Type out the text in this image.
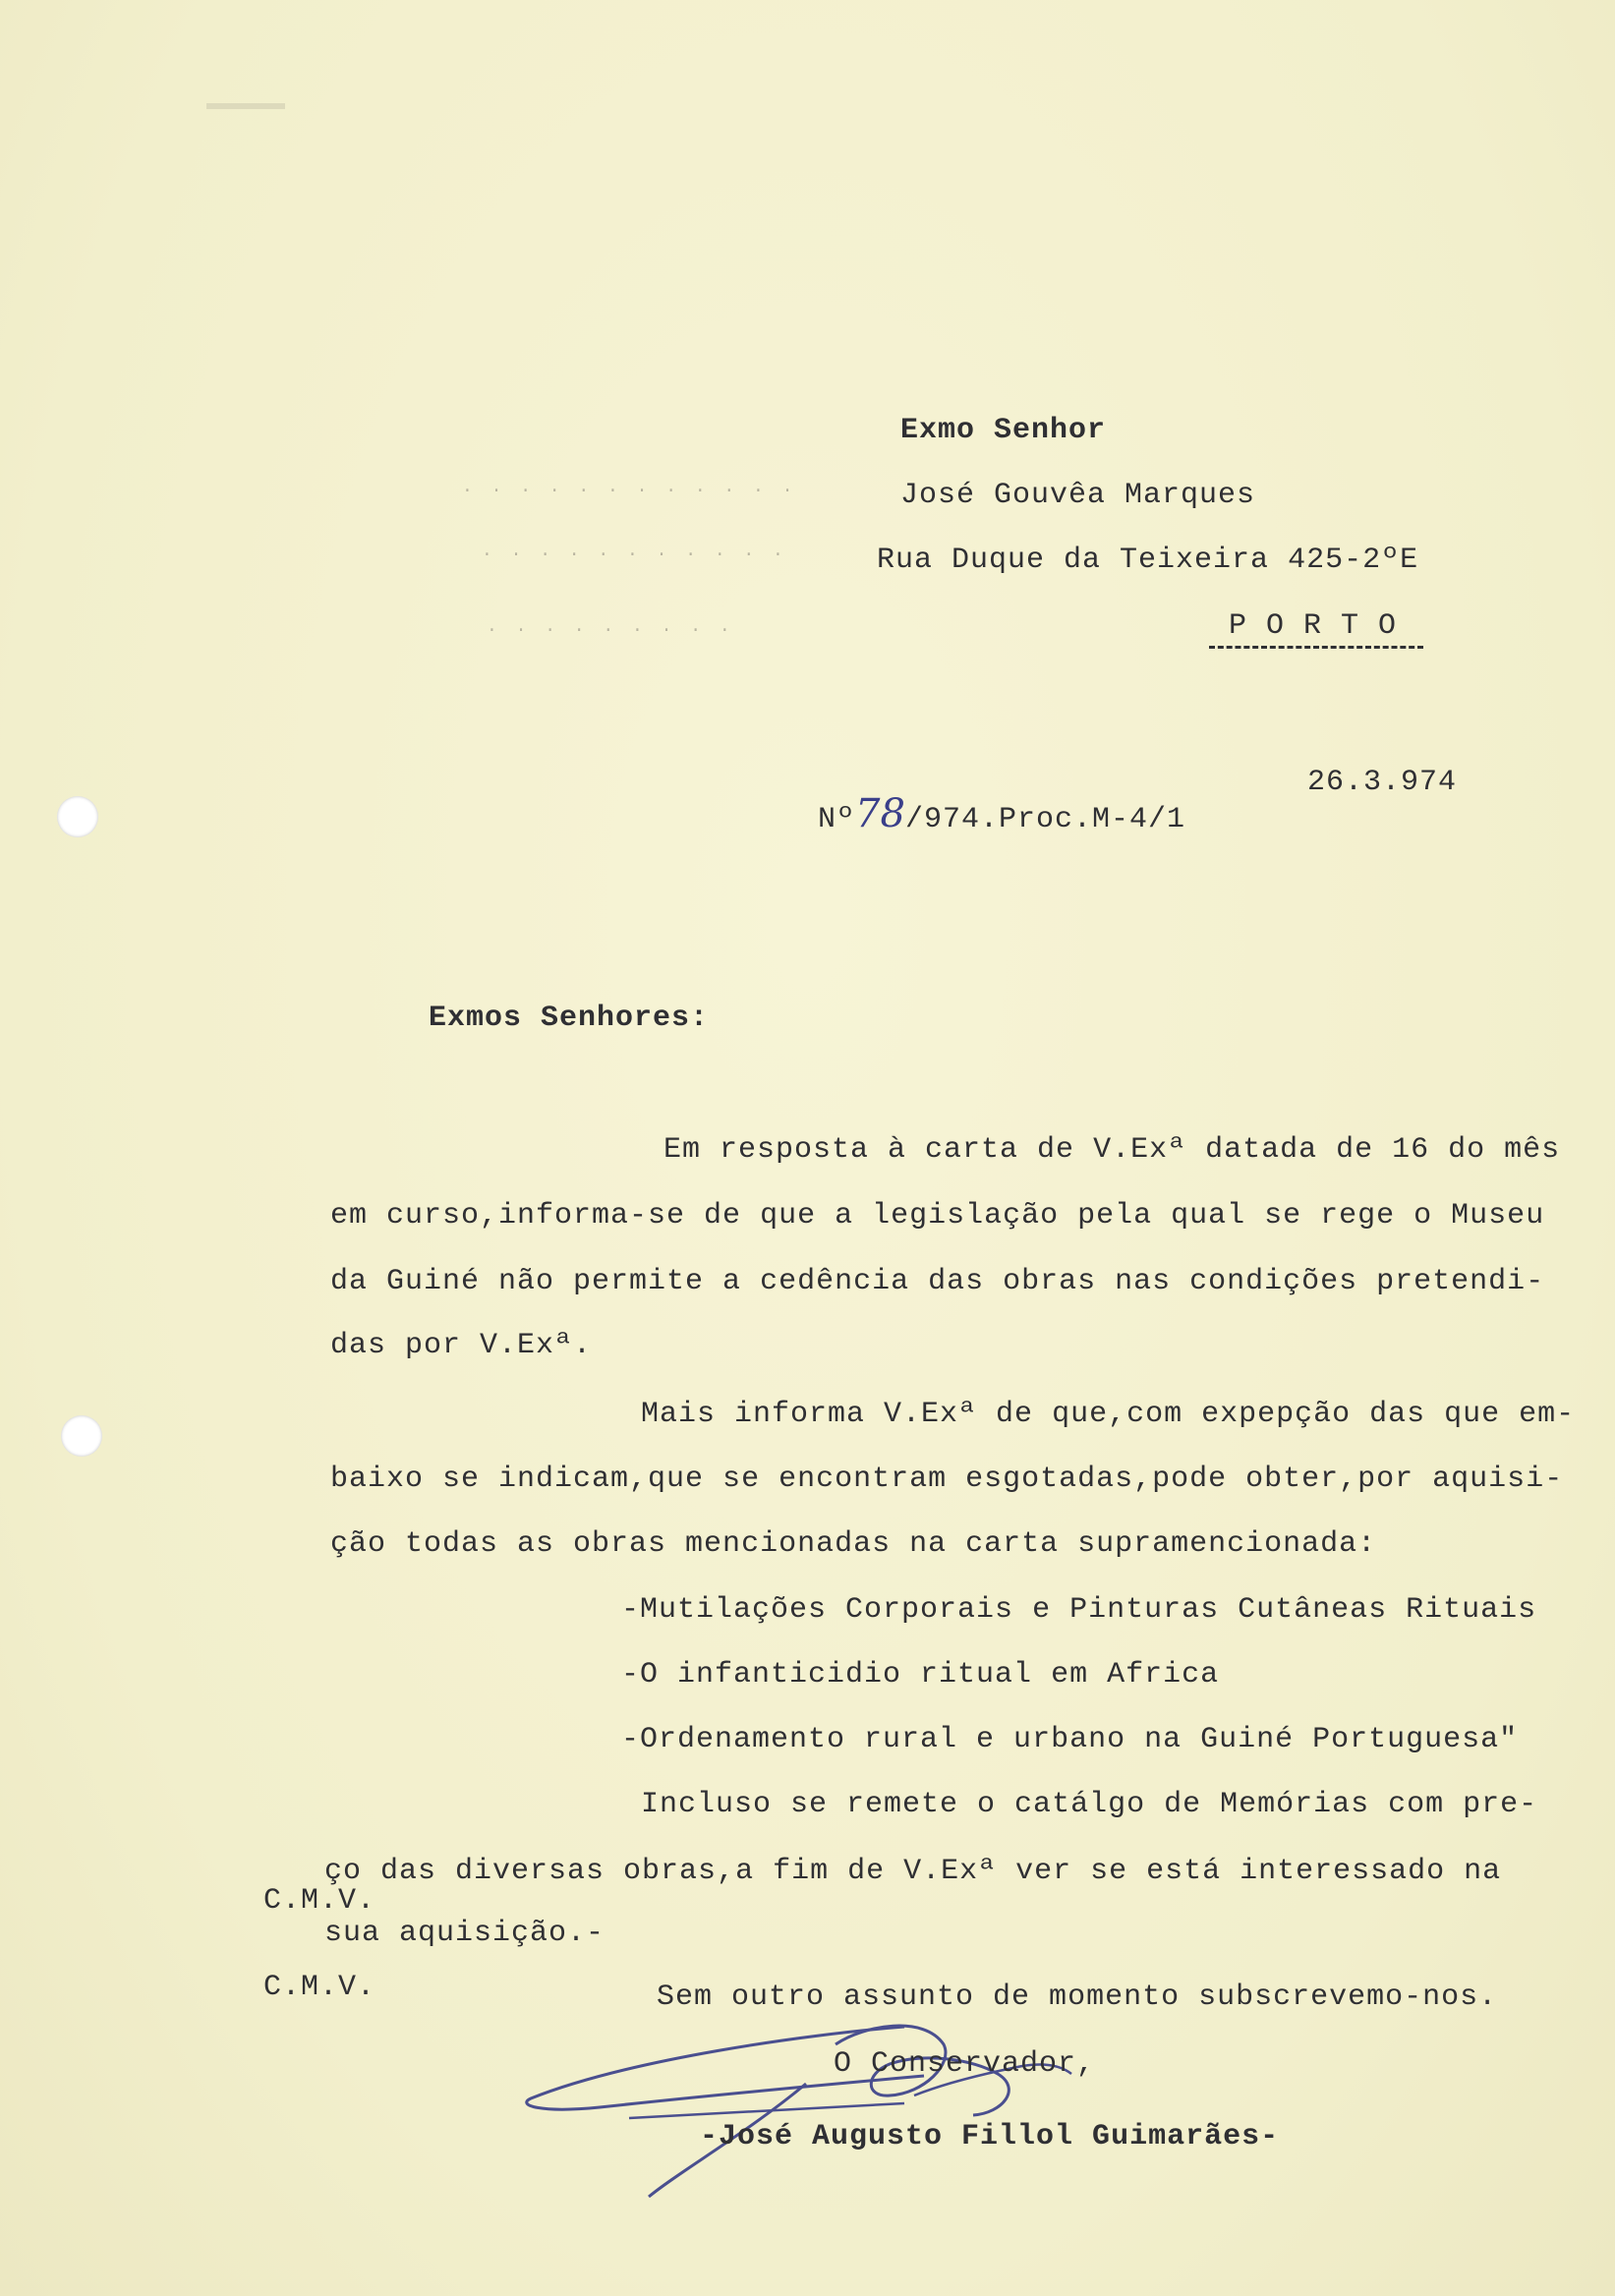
· · · · · · · · · · · ·
· · · · · · · · · · ·
· · · · · · · · ·
Exmo Senhor
José Gouvêa Marques
Rua Duque da Teixeira 425-2ºE
P O R T O

Nº78/974.Proc.M-4/1

26.3.974
Exmos Senhores:
Em resposta à carta de V.Exª datada de 16 do mês
em curso,informa-se de que a legislação pela qual se rege o Museu
da Guiné não permite a cedência das obras nas condições pretendi-
das por V.Exª.
Mais informa V.Exª de que,com expepção das que em-
baixo se indicam,que se encontram esgotadas,pode obter,por aquisi-
ção todas as obras mencionadas na carta supramencionada:
-Mutilações Corporais e Pinturas Cutâneas Rituais
-O infanticidio ritual em Africa
-Ordenamento rural e urbano na Guiné Portuguesa"
Incluso se remete o catálgo de Memórias com pre-
ço das diversas obras,a fim de V.Exª ver se está interessado na
C.M.V.
sua aquisição.-
C.M.V.	Sem outro assunto de momento subscrevemo-nos.
O Conservador,
-José Augusto Fillol Guimarães-
